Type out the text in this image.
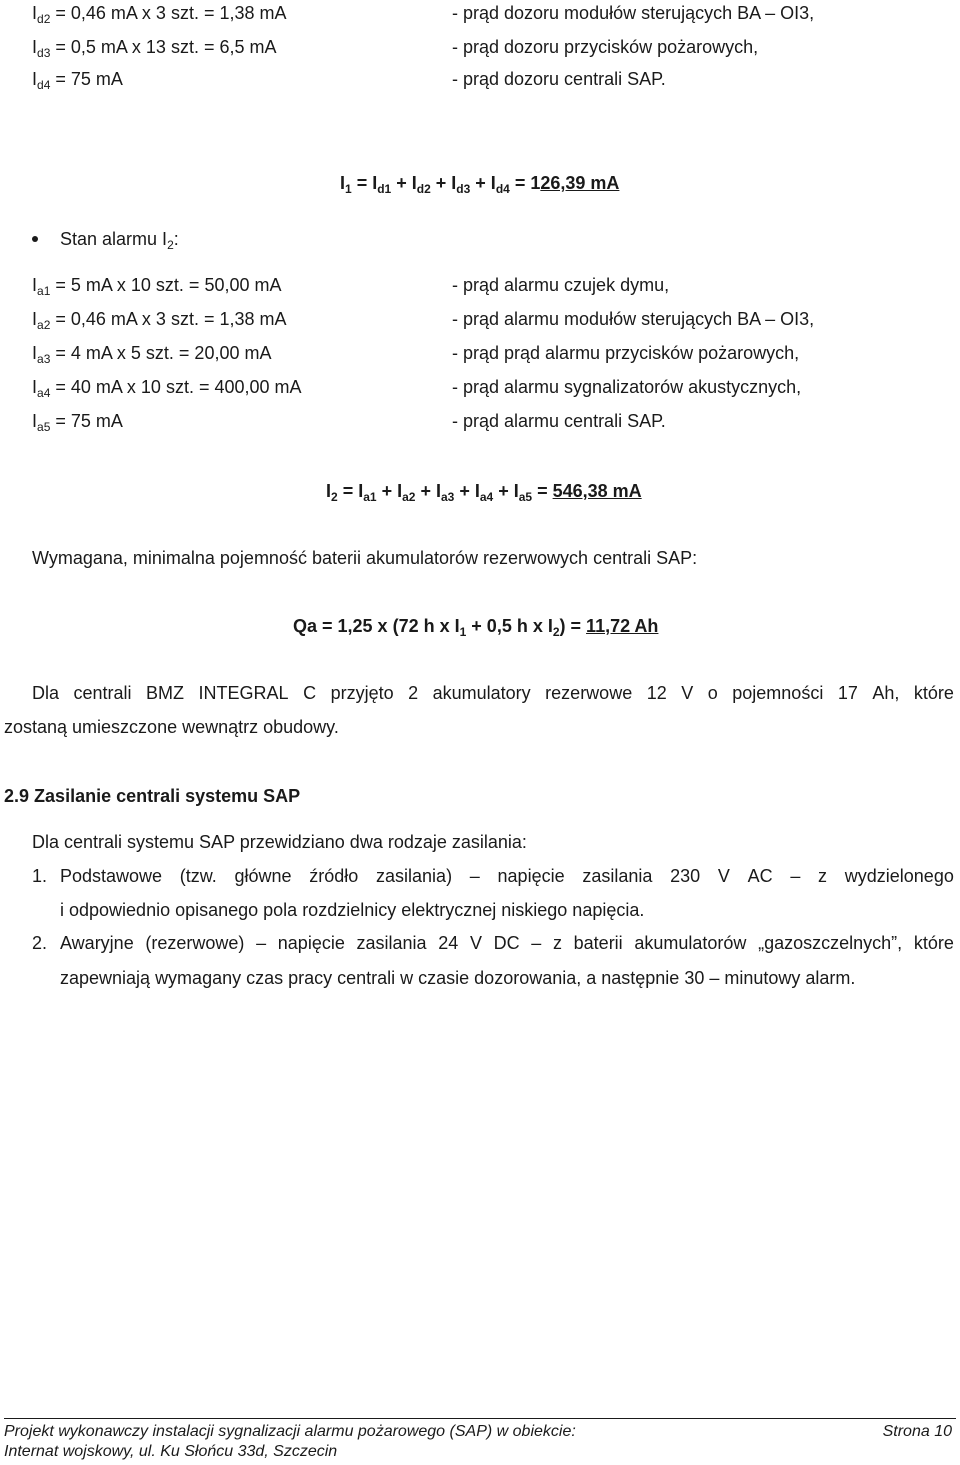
$I_{d2} = 0,46$ mA x 3 szt. = 1,38 mA	- prąd dozoru modułów sterujących BA – OI3,
$I_{d3} = 0,5$ mA x 13 szt. = 6,5 mA	- prąd dozoru przycisków pożarowych,
$I_{d4} = 75$ mA	- prąd dozoru centrali SAP.
$I_1 = I_{d1} + I_{d2} + I_{d3} + I_{d4} = 126,39$ mA
Stan alarmu $I_2$:
$I_{a1} = 5$ mA x 10 szt. = 50,00 mA	- prąd alarmu czujek dymu,
$I_{a2} = 0,46$ mA x 3 szt. = 1,38 mA	- prąd alarmu modułów sterujących BA – OI3,
$I_{a3} = 4$ mA x 5 szt. = 20,00 mA	- prąd prąd alarmu przycisków pożarowych,
$I_{a4} = 40$ mA x 10 szt. = 400,00 mA	- prąd alarmu sygnalizatorów akustycznych,
$I_{a5} = 75$ mA	- prąd alarmu centrali SAP.
$I_2 = I_{a1} + I_{a2} + I_{a3} + I_{a4} + I_{a5} = 546,38$ mA
Wymagana, minimalna pojemność baterii akumulatorów rezerwowych centrali SAP:
Qa = 1,25 x (72 h x $I_1 + 0,5$ h x $I_2) = 11,72$ Ah
Dla centrali BMZ INTEGRAL C przyjęto 2 akumulatory rezerwowe 12 V o pojemności 17 Ah, które
zostaną umieszczone wewnątrz obudowy.
2.9 Zasilanie centrali systemu SAP
Dla centrali systemu SAP przewidziano dwa rodzaje zasilania:
1. Podstawowe (tzw. główne źródło zasilania) – napięcie zasilania 230 V AC – z wydzielonego
i odpowiednio opisanego pola rozdzielnicy elektrycznej niskiego napięcia.
2. Awaryjne (rezerwowe) – napięcie zasilania 24 V DC – z baterii akumulatorów „gazoszczelnych”, które
zapewniają wymagany czas pracy centrali w czasie dozorowania, a następnie 30 – minutowy alarm.
Projekt wykonawczy instalacji sygnalizacji alarmu pożarowego (SAP) w obiekcie:	Strona 10
Internat wojskowy, ul. Ku Słońcu 33d, Szczecin
